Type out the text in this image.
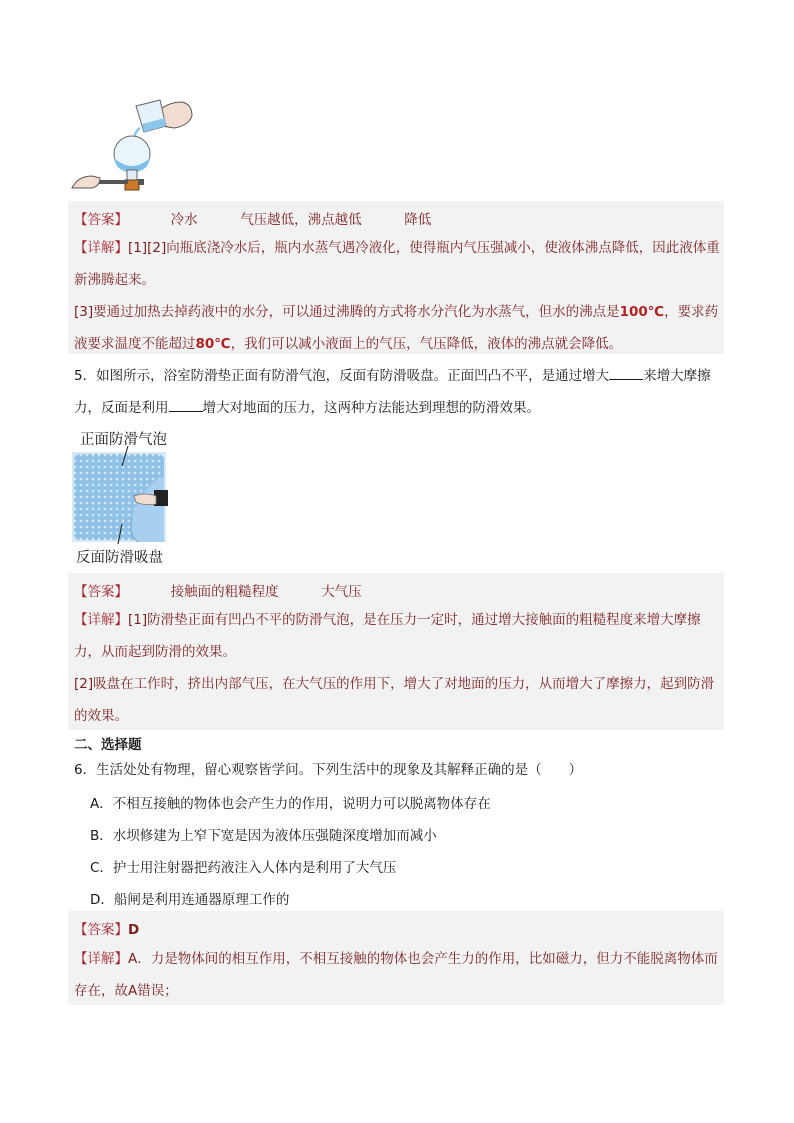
【答案】	冷水	气压越低，沸点越低	降低
【详解】[1][2]向瓶底浇冷水后，瓶内水蒸气遇冷液化，使得瓶内气压强减小，使液体沸点降低，因此液体重新沸腾起来。
[3]要通过加热去掉药液中的水分，可以通过沸腾的方式将水分汽化为水蒸气，但水的沸点是100℃，要求药液要求温度不能超过80℃，我们可以减小液面上的气压，气压降低，液体的沸点就会降低。
5．如图所示，浴室防滑垫正面有防滑气泡，反面有防滑吸盘。正面凹凸不平，是通过增大	来增大摩擦力，反面是利用	增大对地面的压力，这两种方法能达到理想的防滑效果。
正面防滑气泡
反面防滑吸盘
【答案】	接触面的粗糙程度	大气压
【详解】[1]防滑垫正面有凹凸不平的防滑气泡，是在压力一定时，通过增大接触面的粗糙程度来增大摩擦力，从而起到防滑的效果。
[2]吸盘在工作时，挤出内部气压，在大气压的作用下，增大了对地面的压力，从而增大了摩擦力，起到防滑的效果。
二、选择题
6．生活处处有物理，留心观察皆学问。下列生活中的现象及其解释正确的是（　　）
A．不相互接触的物体也会产生力的作用，说明力可以脱离物体存在
B．水坝修建为上窄下宽是因为液体压强随深度增加而减小
C．护士用注射器把药液注入人体内是利用了大气压
D．船闸是利用连通器原理工作的
【答案】D
【详解】A．力是物体间的相互作用，不相互接触的物体也会产生力的作用，比如磁力，但力不能脱离物体而存在，故A错误；
